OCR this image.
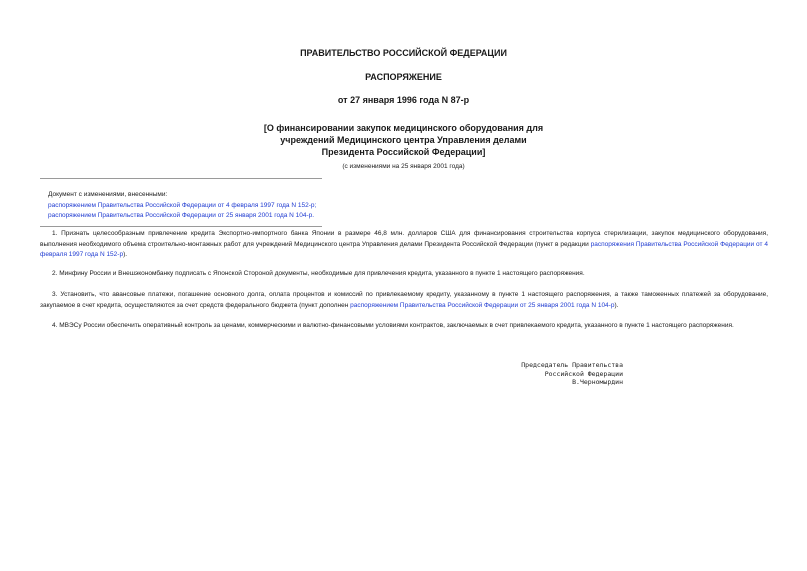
ПРАВИТЕЛЬСТВО РОССИЙСКОЙ ФЕДЕРАЦИИ
РАСПОРЯЖЕНИЕ
от 27 января 1996 года N 87-р
[О финансировании закупок медицинского оборудования для
учреждений Медицинского центра Управления делами
Президента Российской Федерации]
(с изменениями на 25 января 2001 года)
Документ с изменениями, внесенными:
распоряжением Правительства Российской Федерации от 4 февраля 1997 года N 152-р;
распоряжением Правительства Российской Федерации от 25 января 2001 года N 104-р.
1. Признать целесообразным привлечение кредита Экспортно-импортного банка Японии в размере 46,8 млн. долларов США для финансирования строительства корпуса стерилизации, закупок медицинского оборудования, выполнения необходимого объема строительно-монтажных работ для учреждений Медицинского центра Управления делами Президента Российской Федерации (пункт в редакции распоряжения Правительства Российской Федерации от 4 февраля 1997 года N 152-р).
2. Минфину России и Внешэкономбанку подписать с Японской Стороной документы, необходимые для привлечения кредита, указанного в пункте 1 настоящего распоряжения.
3. Установить, что авансовые платежи, погашение основного долга, оплата процентов и комиссий по привлекаемому кредиту, указанному в пункте 1 настоящего распоряжения, а также таможенных платежей за оборудование, закупаемое в счет кредита, осуществляются за счет средств федерального бюджета (пункт дополнен распоряжением Правительства Российской Федерации от 25 января 2001 года N 104-р).
4. МВЭСу России обеспечить оперативный контроль за ценами, коммерческими и валютно-финансовыми условиями контрактов, заключаемых в счет привлекаемого кредита, указанного в пункте 1 настоящего распоряжения.
Председатель Правительства
Российской Федерации
В.Черномырдин
